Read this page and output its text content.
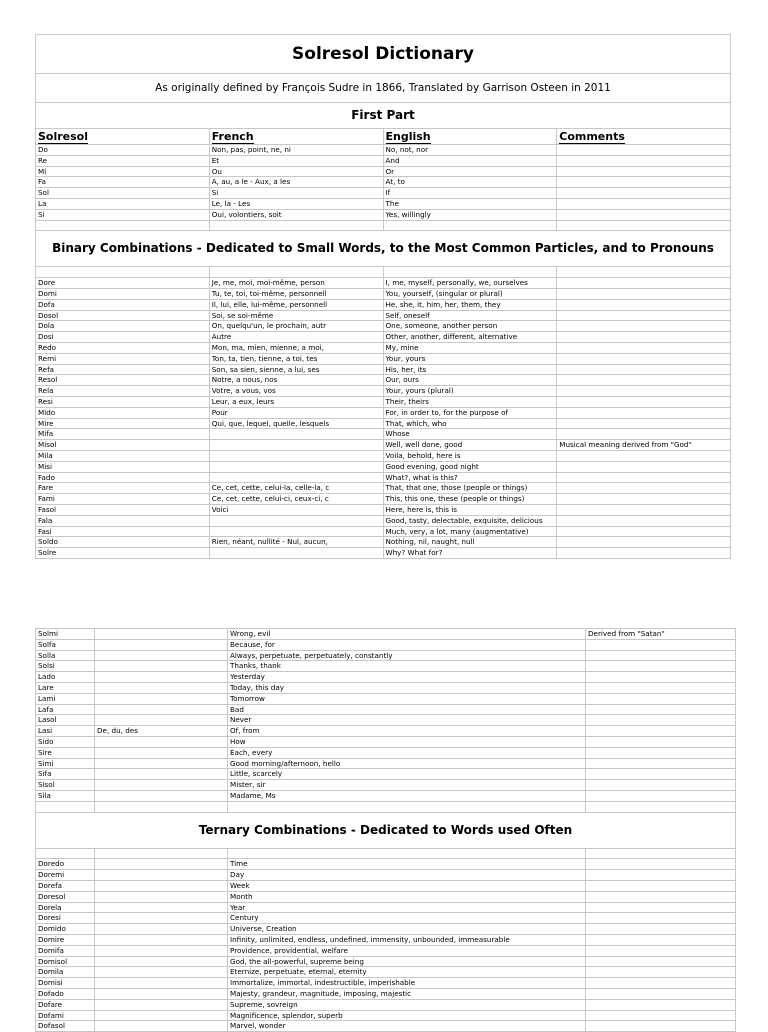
Solresol Dictionary			
As originally defined by François Sudre in 1866, Translated by Garrison Osteen in 2011			
First Part			
Solresol	French	English	Comments
Do	Non, pas, point, ne, ni	No, not, nor	
Re	Et	And	
Mi	Ou	Or	
Fa	A, au, a le - Aux, a les	At, to	
Sol	Si	If	
La	Le, la - Les	The	
Si	Oui, volontiers, soit	Yes, willingly	

Binary Combinations - Dedicated to Small Words, to the Most Common Particles, and to Pronouns			

Dore	Je, me, moi, moi-même, person	I, me, myself, personally, we, ourselves	
Domi	Tu, te, toi, toi-même, personnell	You, yourself, (singular or plural)	
Dofa	Il, lui, elle, lui-même, personnell	He, she, it, him, her, them, they	
Dosol	Soi, se soi-même	Self, oneself	
Dola	On, quelqu'un, le prochain, autr	One, someone, another person	
Dosi	Autre	Other, another, different, alternative	
Redo	Mon, ma, mien, mienne, a moi,	My, mine	
Remi	Ton, ta, tien, tienne, a toi, tes	Your, yours	
Refa	Son, sa sien, sienne, a lui, ses	His, her, its	
Resol	Notre, a nous, nos	Our, ours	
Rela	Votre, a vous, vos	Your, yours (plural)	
Resi	Leur, a eux, leurs	Their, theirs	
Mido	Pour	For, in order to, for the purpose of	
Mire	Qui, que, lequel, quelle, lesquels	That, which, who	
Mifa		Whose	
Misol		Well, well done, good	Musical meaning derived from "God"
Mila		Voila, behold, here is	
Misi		Good evening, good night	
Fado		What?, what is this?	
Fare	Ce, cet, cette, celui-la, celle-la, c	That, that one, those (people or things)	
Fami	Ce, cet, cette, celui-ci, ceux-ci, c	This, this one, these (people or things)	
Fasol	Voici	Here, here is, this is	
Fala		Good, tasty, delectable, exquisite, delicious	
Fasi		Much, very, a lot, many (augmentative)	
Soldo	Rien, néant, nullité - Nul, aucun,	Nothing, nil, naught, null	
Solre		Why? What for?	
Solmi		Wrong, evil	Derived from "Satan"
Solfa		Because, for	
Solla		Always, perpetuate, perpetuately, constantly	
Solsi		Thanks, thank	
Lado		Yesterday	
Lare		Today, this day	
Lami		Tomorrow	
Lafa		Bad	
Lasol		Never	
Lasi	De, du, des	Of, from	
Sido		How	
Sire		Each, every	
Simi		Good morning/afternoon, hello	
Sifa		Little, scarcely	
Sisol		Mister, sir	
Sila		Madame, Ms	

Ternary Combinations - Dedicated to Words used Often			

Doredo		Time	
Doremi		Day	
Dorefa		Week	
Doresol		Month	
Dorela		Year	
Doresi		Century	
Domido		Universe, Creation	
Domire		Infinity, unlimited, endless, undefined, immensity, unbounded, immeasurable	
Domifa		Providence, providential, welfare	
Domisol		God, the all-powerful, supreme being	
Domila		Eternize, perpetuate, eternal, eternity	
Domisi		Immortalize, immortal, indestructible, imperishable	
Dofado		Majesty, grandeur, magnitude, imposing, majestic	
Dofare		Supreme, sovreign	
Dofami		Magnificence, splendor, superb	
Dofasol		Marvel, wonder	
